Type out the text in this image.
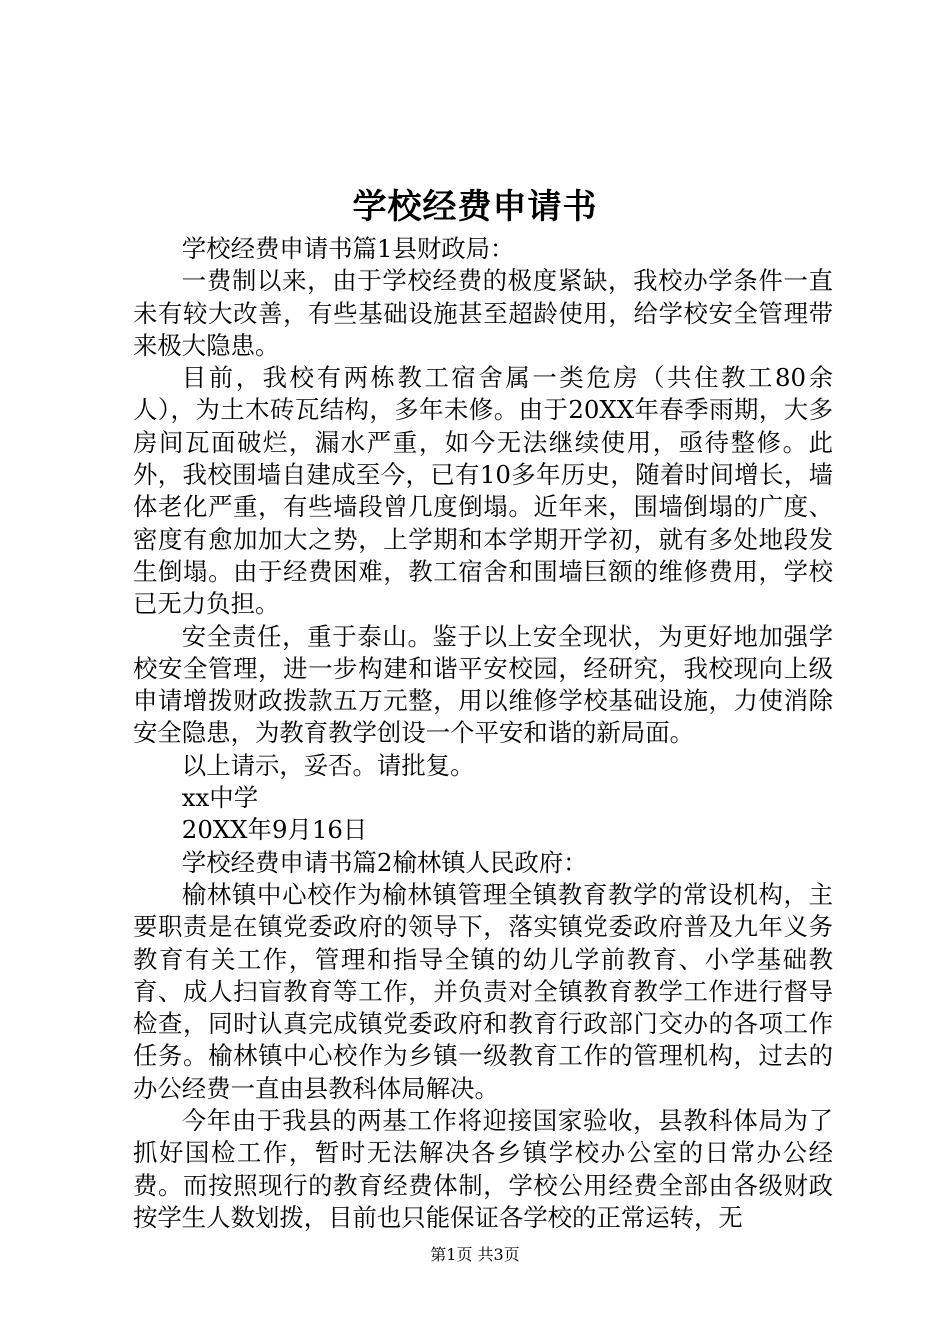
学校经费申请书

学校经费申请书篇1县财政局：

一费制以来，由于学校经费的极度紧缺，我校办学条件一直未有较大改善，有些基础设施甚至超龄使用，给学校安全管理带来极大隐患。

目前，我校有两栋教工宿舍属一类危房（共住教工80余人），为土木砖瓦结构，多年未修。由于20XX年春季雨期，大多房间瓦面破烂，漏水严重，如今无法继续使用，亟待整修。此外，我校围墙自建成至今，已有10多年历史，随着时间增长，墙体老化严重，有些墙段曾几度倒塌。近年来，围墙倒塌的广度、密度有愈加加大之势，上学期和本学期开学初，就有多处地段发生倒塌。由于经费困难，教工宿舍和围墙巨额的维修费用，学校已无力负担。

安全责任，重于泰山。鉴于以上安全现状，为更好地加强学校安全管理，进一步构建和谐平安校园，经研究，我校现向上级申请增拨财政拨款五万元整，用以维修学校基础设施，力使消除安全隐患，为教育教学创设一个平安和谐的新局面。

以上请示，妥否。请批复。

xx中学

20XX年9月16日

学校经费申请书篇2榆林镇人民政府：

榆林镇中心校作为榆林镇管理全镇教育教学的常设机构，主要职责是在镇党委政府的领导下，落实镇党委政府普及九年义务教育有关工作，管理和指导全镇的幼儿学前教育、小学基础教育、成人扫盲教育等工作，并负责对全镇教育教学工作进行督导检查，同时认真完成镇党委政府和教育行政部门交办的各项工作任务。榆林镇中心校作为乡镇一级教育工作的管理机构，过去的办公经费一直由县教科体局解决。

今年由于我县的两基工作将迎接国家验收，县教科体局为了抓好国检工作，暂时无法解决各乡镇学校办公室的日常办公经费。而按照现行的教育经费体制，学校公用经费全部由各级财政按学生人数划拨，目前也只能保证各学校的正常运转，无

第1页 共3页
